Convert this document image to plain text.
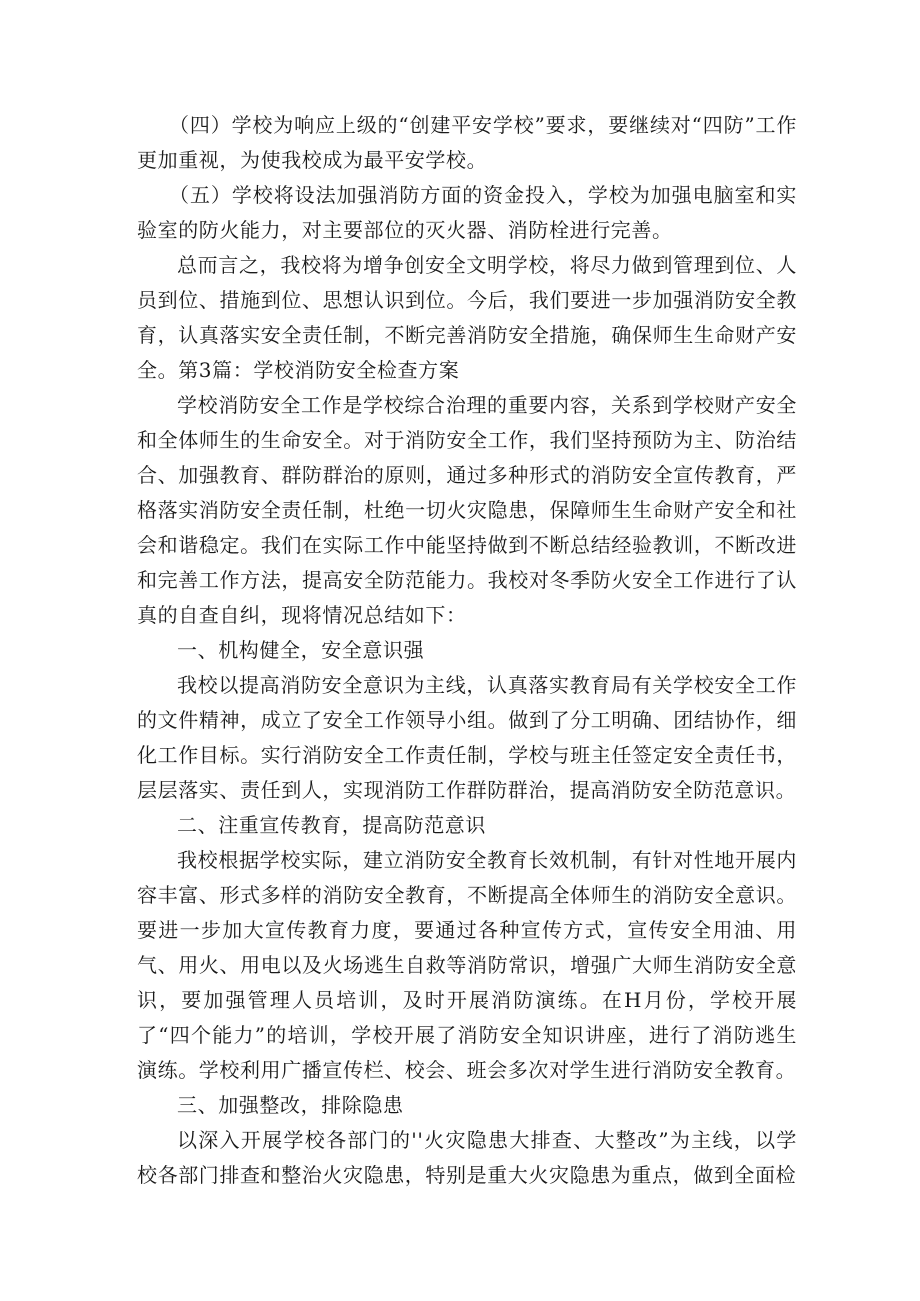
（四）学校为响应上级的“创建平安学校”要求，要继续对“四防”工作更加重视，为使我校成为最平安学校。

（五）学校将设法加强消防方面的资金投入，学校为加强电脑室和实验室的防火能力，对主要部位的灭火器、消防栓进行完善。

总而言之，我校将为增争创安全文明学校，将尽力做到管理到位、人员到位、措施到位、思想认识到位。今后，我们要进一步加强消防安全教育，认真落实安全责任制，不断完善消防安全措施，确保师生生命财产安全。第3篇：学校消防安全检查方案

学校消防安全工作是学校综合治理的重要内容，关系到学校财产安全和全体师生的生命安全。对于消防安全工作，我们坚持预防为主、防治结合、加强教育、群防群治的原则，通过多种形式的消防安全宣传教育，严格落实消防安全责任制，杜绝一切火灾隐患，保障师生生命财产安全和社会和谐稳定。我们在实际工作中能坚持做到不断总结经验教训，不断改进和完善工作方法，提高安全防范能力。我校对冬季防火安全工作进行了认真的自查自纠，现将情况总结如下：

一、机构健全，安全意识强

我校以提高消防安全意识为主线，认真落实教育局有关学校安全工作的文件精神，成立了安全工作领导小组。做到了分工明确、团结协作，细化工作目标。实行消防安全工作责任制，学校与班主任签定安全责任书，层层落实、责任到人，实现消防工作群防群治，提高消防安全防范意识。

二、注重宣传教育，提高防范意识

我校根据学校实际，建立消防安全教育长效机制，有针对性地开展内容丰富、形式多样的消防安全教育，不断提高全体师生的消防安全意识。要进一步加大宣传教育力度，要通过各种宣传方式，宣传安全用油、用气、用火、用电以及火场逃生自救等消防常识，增强广大师生消防安全意识，要加强管理人员培训，及时开展消防演练。在H月份，学校开展了“四个能力”的培训，学校开展了消防安全知识讲座，进行了消防逃生演练。学校利用广播宣传栏、校会、班会多次对学生进行消防安全教育。

三、加强整改，排除隐患

以深入开展学校各部门的''火灾隐患大排查、大整改”为主线，以学校各部门排查和整治火灾隐患，特别是重大火灾隐患为重点，做到全面检
